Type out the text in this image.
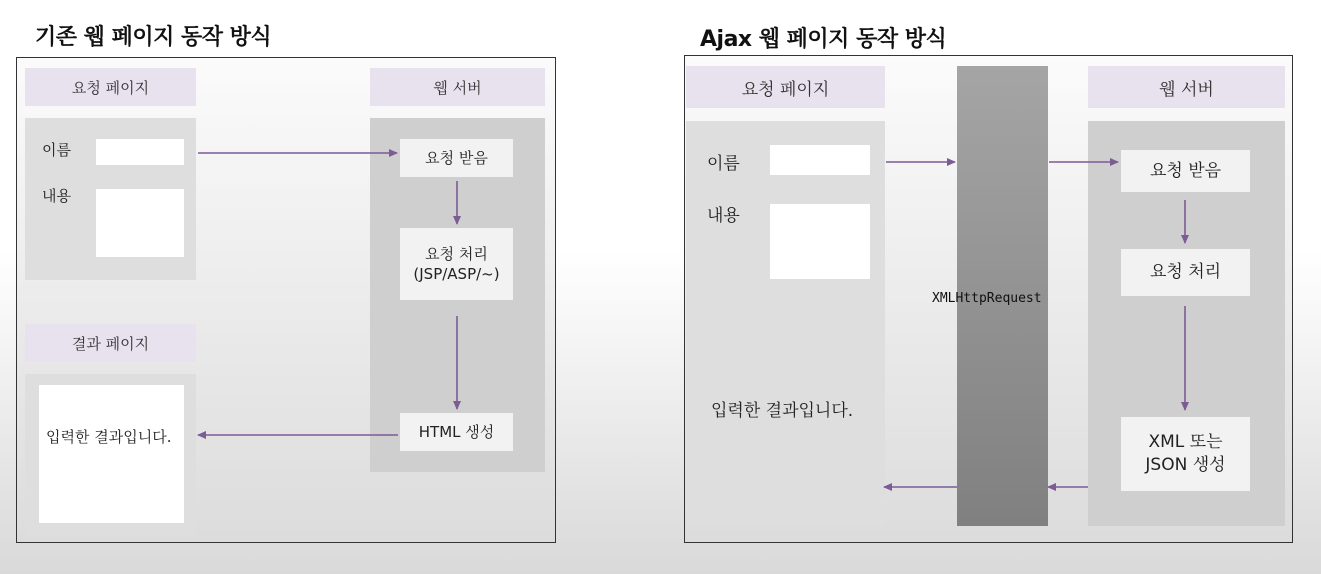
기존 웹 페이지 동작 방식
요청 페이지	웹 서버
이름
내용
요청 받음
요청 처리
(JSP/ASP/~)
HTML 생성
결과 페이지
입력한 결과입니다.
Ajax 웹 페이지 동작 방식
요청 페이지	웹 서버
이름
내용
입력한 결과입니다.
XMLHttpRequest
요청 받음
요청 처리
XML 또는
JSON 생성
